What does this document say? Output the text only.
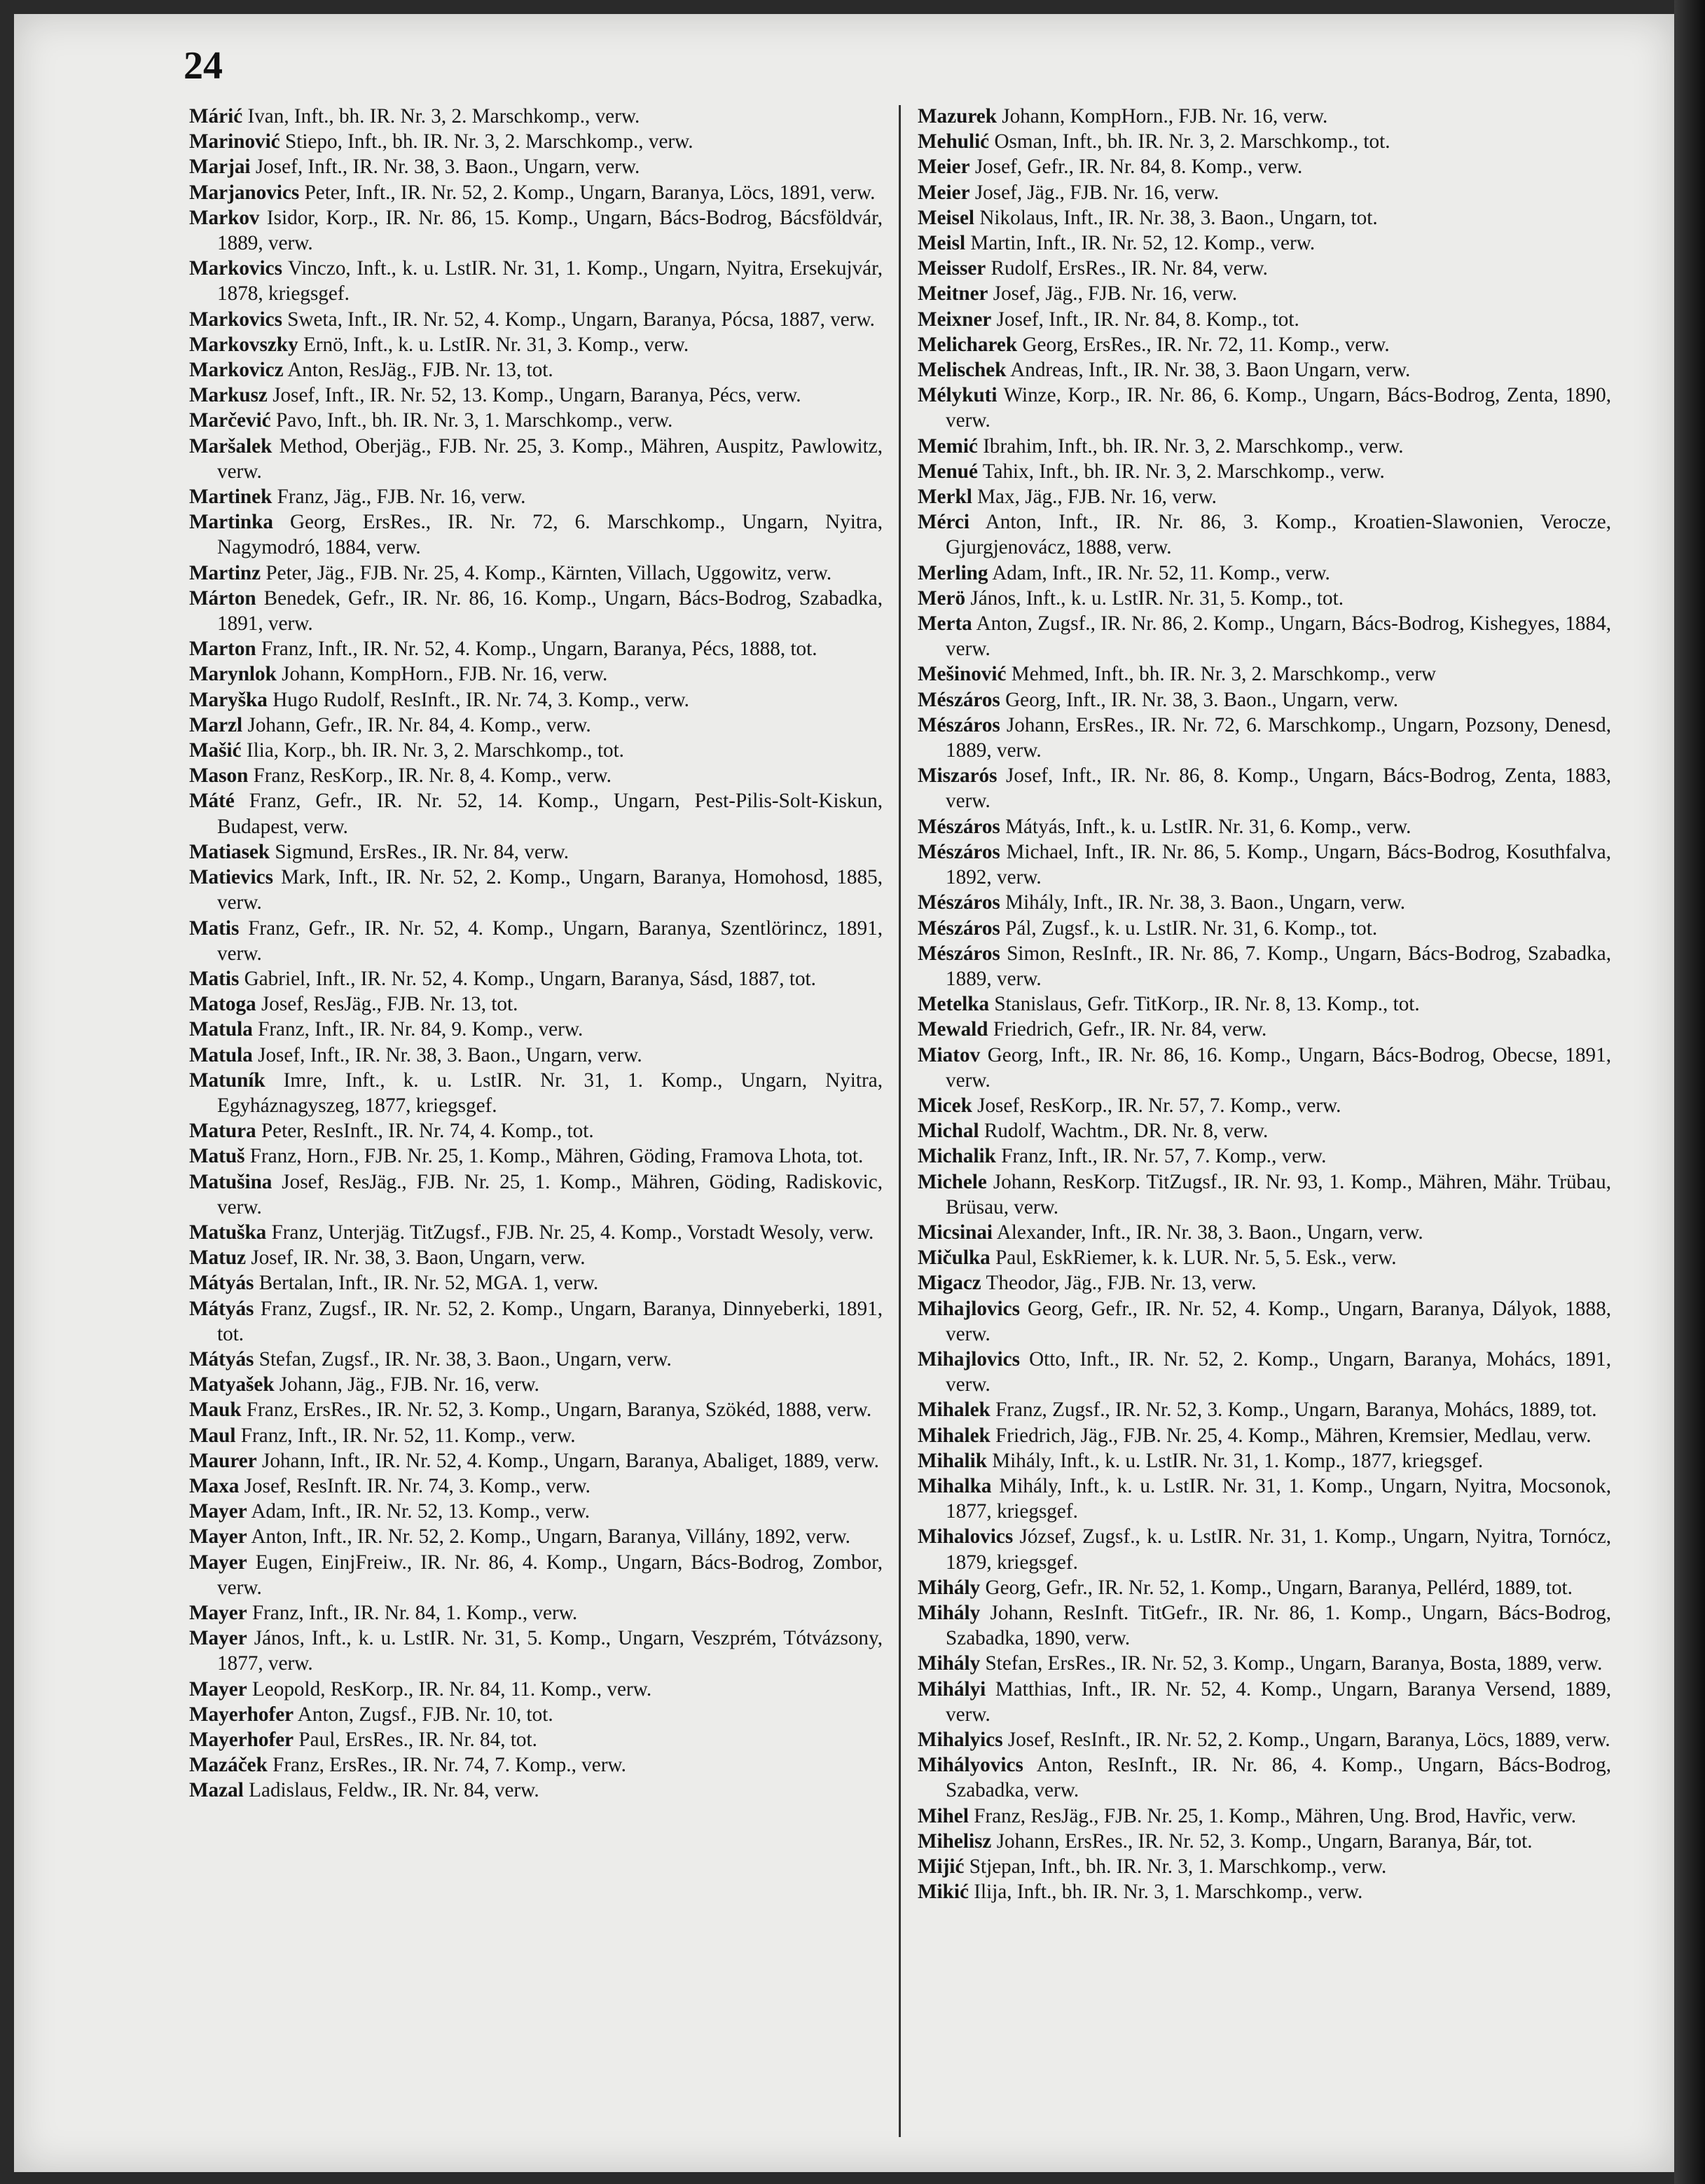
24
Márić Ivan, Inft., bh. IR. Nr. 3, 2. Marschkomp., verw.
Marinović Stiepo, Inft., bh. IR. Nr. 3, 2. Marschkomp., verw.
Marjai Josef, Inft., IR. Nr. 38, 3. Baon., Ungarn, verw.
Marjanovics Peter, Inft., IR. Nr. 52, 2. Komp., Ungarn, Baranya, Löcs, 1891, verw.
Markov Isidor, Korp., IR. Nr. 86, 15. Komp., Ungarn, Bács-Bodrog, Bácsföldvár, 1889, verw.
Markovics Vinczo, Inft., k. u. LstIR. Nr. 31, 1. Komp., Ungarn, Nyitra, Ersekujvár, 1878, kriegsgef.
Markovics Sweta, Inft., IR. Nr. 52, 4. Komp., Ungarn, Baranya, Pócsa, 1887, verw.
Markovszky Ernö, Inft., k. u. LstIR. Nr. 31, 3. Komp., verw.
Markovicz Anton, ResJäg., FJB. Nr. 13, tot.
Markusz Josef, Inft., IR. Nr. 52, 13. Komp., Ungarn, Baranya, Pécs, verw.
Marčević Pavo, Inft., bh. IR. Nr. 3, 1. Marschkomp., verw.
Maršalek Method, Oberjäg., FJB. Nr. 25, 3. Komp., Mähren, Auspitz, Pawlowitz, verw.
Martinek Franz, Jäg., FJB. Nr. 16, verw.
Martinka Georg, ErsRes., IR. Nr. 72, 6. Marschkomp., Ungarn, Nyitra, Nagymodró, 1884, verw.
Martinz Peter, Jäg., FJB. Nr. 25, 4. Komp., Kärnten, Villach, Uggowitz, verw.
Márton Benedek, Gefr., IR. Nr. 86, 16. Komp., Ungarn, Bács-Bodrog, Szabadka, 1891, verw.
Marton Franz, Inft., IR. Nr. 52, 4. Komp., Ungarn, Baranya, Pécs, 1888, tot.
Marynlok Johann, KompHorn., FJB. Nr. 16, verw.
Maryška Hugo Rudolf, ResInft., IR. Nr. 74, 3. Komp., verw.
Marzl Johann, Gefr., IR. Nr. 84, 4. Komp., verw.
Mašić Ilia, Korp., bh. IR. Nr. 3, 2. Marschkomp., tot.
Mason Franz, ResKorp., IR. Nr. 8, 4. Komp., verw.
Máté Franz, Gefr., IR. Nr. 52, 14. Komp., Ungarn, Pest-Pilis-Solt-Kiskun, Budapest, verw.
Matiasek Sigmund, ErsRes., IR. Nr. 84, verw.
Matievics Mark, Inft., IR. Nr. 52, 2. Komp., Ungarn, Baranya, Homohosd, 1885, verw.
Matis Franz, Gefr., IR. Nr. 52, 4. Komp., Ungarn, Baranya, Szentlörincz, 1891, verw.
Matis Gabriel, Inft., IR. Nr. 52, 4. Komp., Ungarn, Baranya, Sásd, 1887, tot.
Matoga Josef, ResJäg., FJB. Nr. 13, tot.
Matula Franz, Inft., IR. Nr. 84, 9. Komp., verw.
Matula Josef, Inft., IR. Nr. 38, 3. Baon., Ungarn, verw.
Matuník Imre, Inft., k. u. LstIR. Nr. 31, 1. Komp., Ungarn, Nyitra, Egyháznagyszeg, 1877, kriegsgef.
Matura Peter, ResInft., IR. Nr. 74, 4. Komp., tot.
Matuš Franz, Horn., FJB. Nr. 25, 1. Komp., Mähren, Göding, Framova Lhota, tot.
Matušina Josef, ResJäg., FJB. Nr. 25, 1. Komp., Mähren, Göding, Radiskovic, verw.
Matuška Franz, Unterjäg. TitZugsf., FJB. Nr. 25, 4. Komp., Vorstadt Wesoly, verw.
Matuz Josef, IR. Nr. 38, 3. Baon, Ungarn, verw.
Mátyás Bertalan, Inft., IR. Nr. 52, MGA. 1, verw.
Mátyás Franz, Zugsf., IR. Nr. 52, 2. Komp., Ungarn, Baranya, Dinnyeberki, 1891, tot.
Mátyás Stefan, Zugsf., IR. Nr. 38, 3. Baon., Ungarn, verw.
Matyašek Johann, Jäg., FJB. Nr. 16, verw.
Mauk Franz, ErsRes., IR. Nr. 52, 3. Komp., Ungarn, Baranya, Szökéd, 1888, verw.
Maul Franz, Inft., IR. Nr. 52, 11. Komp., verw.
Maurer Johann, Inft., IR. Nr. 52, 4. Komp., Ungarn, Baranya, Abaliget, 1889, verw.
Maxa Josef, ResInft. IR. Nr. 74, 3. Komp., verw.
Mayer Adam, Inft., IR. Nr. 52, 13. Komp., verw.
Mayer Anton, Inft., IR. Nr. 52, 2. Komp., Ungarn, Baranya, Villány, 1892, verw.
Mayer Eugen, EinjFreiw., IR. Nr. 86, 4. Komp., Ungarn, Bács-Bodrog, Zombor, verw.
Mayer Franz, Inft., IR. Nr. 84, 1. Komp., verw.
Mayer János, Inft., k. u. LstIR. Nr. 31, 5. Komp., Ungarn, Veszprém, Tótvázsony, 1877, verw.
Mayer Leopold, ResKorp., IR. Nr. 84, 11. Komp., verw.
Mayerhofer Anton, Zugsf., FJB. Nr. 10, tot.
Mayerhofer Paul, ErsRes., IR. Nr. 84, tot.
Mazáček Franz, ErsRes., IR. Nr. 74, 7. Komp., verw.
Mazal Ladislaus, Feldw., IR. Nr. 84, verw.
Mazurek Johann, KompHorn., FJB. Nr. 16, verw.
Mehulić Osman, Inft., bh. IR. Nr. 3, 2. Marschkomp., tot.
Meier Josef, Gefr., IR. Nr. 84, 8. Komp., verw.
Meier Josef, Jäg., FJB. Nr. 16, verw.
Meisel Nikolaus, Inft., IR. Nr. 38, 3. Baon., Ungarn, tot.
Meisl Martin, Inft., IR. Nr. 52, 12. Komp., verw.
Meisser Rudolf, ErsRes., IR. Nr. 84, verw.
Meitner Josef, Jäg., FJB. Nr. 16, verw.
Meixner Josef, Inft., IR. Nr. 84, 8. Komp., tot.
Melicharek Georg, ErsRes., IR. Nr. 72, 11. Komp., verw.
Melischek Andreas, Inft., IR. Nr. 38, 3. Baon Ungarn, verw.
Mélykuti Winze, Korp., IR. Nr. 86, 6. Komp., Ungarn, Bács-Bodrog, Zenta, 1890, verw.
Memić Ibrahim, Inft., bh. IR. Nr. 3, 2. Marschkomp., verw.
Menué Tahix, Inft., bh. IR. Nr. 3, 2. Marschkomp., verw.
Merkl Max, Jäg., FJB. Nr. 16, verw.
Mérci Anton, Inft., IR. Nr. 86, 3. Komp., Kroatien-Slawonien, Verocze, Gjurgjenovácz, 1888, verw.
Merling Adam, Inft., IR. Nr. 52, 11. Komp., verw.
Merö János, Inft., k. u. LstIR. Nr. 31, 5. Komp., tot.
Merta Anton, Zugsf., IR. Nr. 86, 2. Komp., Ungarn, Bács-Bodrog, Kishegyes, 1884, verw.
Mešinović Mehmed, Inft., bh. IR. Nr. 3, 2. Marschkomp., verw
Mészáros Georg, Inft., IR. Nr. 38, 3. Baon., Ungarn, verw.
Mészáros Johann, ErsRes., IR. Nr. 72, 6. Marschkomp., Ungarn, Pozsony, Denesd, 1889, verw.
Miszarós Josef, Inft., IR. Nr. 86, 8. Komp., Ungarn, Bács-Bodrog, Zenta, 1883, verw.
Mészáros Mátyás, Inft., k. u. LstIR. Nr. 31, 6. Komp., verw.
Mészáros Michael, Inft., IR. Nr. 86, 5. Komp., Ungarn, Bács-Bodrog, Kosuthfalva, 1892, verw.
Mészáros Mihály, Inft., IR. Nr. 38, 3. Baon., Ungarn, verw.
Mészáros Pál, Zugsf., k. u. LstIR. Nr. 31, 6. Komp., tot.
Mészáros Simon, ResInft., IR. Nr. 86, 7. Komp., Ungarn, Bács-Bodrog, Szabadka, 1889, verw.
Metelka Stanislaus, Gefr. TitKorp., IR. Nr. 8, 13. Komp., tot.
Mewald Friedrich, Gefr., IR. Nr. 84, verw.
Miatov Georg, Inft., IR. Nr. 86, 16. Komp., Ungarn, Bács-Bodrog, Obecse, 1891, verw.
Micek Josef, ResKorp., IR. Nr. 57, 7. Komp., verw.
Michal Rudolf, Wachtm., DR. Nr. 8, verw.
Michalik Franz, Inft., IR. Nr. 57, 7. Komp., verw.
Michele Johann, ResKorp. TitZugsf., IR. Nr. 93, 1. Komp., Mähren, Mähr. Trübau, Brüsau, verw.
Micsinai Alexander, Inft., IR. Nr. 38, 3. Baon., Ungarn, verw.
Mičulka Paul, EskRiemer, k. k. LUR. Nr. 5, 5. Esk., verw.
Migacz Theodor, Jäg., FJB. Nr. 13, verw.
Mihajlovics Georg, Gefr., IR. Nr. 52, 4. Komp., Ungarn, Baranya, Dályok, 1888, verw.
Mihajlovics Otto, Inft., IR. Nr. 52, 2. Komp., Ungarn, Baranya, Mohács, 1891, verw.
Mihalek Franz, Zugsf., IR. Nr. 52, 3. Komp., Ungarn, Baranya, Mohács, 1889, tot.
Mihalek Friedrich, Jäg., FJB. Nr. 25, 4. Komp., Mähren, Kremsier, Medlau, verw.
Mihalik Mihály, Inft., k. u. LstIR. Nr. 31, 1. Komp., 1877, kriegsgef.
Mihalka Mihály, Inft., k. u. LstIR. Nr. 31, 1. Komp., Ungarn, Nyitra, Mocsonok, 1877, kriegsgef.
Mihalovics József, Zugsf., k. u. LstIR. Nr. 31, 1. Komp., Ungarn, Nyitra, Tornócz, 1879, kriegsgef.
Mihály Georg, Gefr., IR. Nr. 52, 1. Komp., Ungarn, Baranya, Pellérd, 1889, tot.
Mihály Johann, ResInft. TitGefr., IR. Nr. 86, 1. Komp., Ungarn, Bács-Bodrog, Szabadka, 1890, verw.
Mihály Stefan, ErsRes., IR. Nr. 52, 3. Komp., Ungarn, Baranya, Bosta, 1889, verw.
Mihályi Matthias, Inft., IR. Nr. 52, 4. Komp., Ungarn, Baranya Versend, 1889, verw.
Mihalyics Josef, ResInft., IR. Nr. 52, 2. Komp., Ungarn, Baranya, Löcs, 1889, verw.
Mihályovics Anton, ResInft., IR. Nr. 86, 4. Komp., Ungarn, Bács-Bodrog, Szabadka, verw.
Mihel Franz, ResJäg., FJB. Nr. 25, 1. Komp., Mähren, Ung. Brod, Havřic, verw.
Mihelisz Johann, ErsRes., IR. Nr. 52, 3. Komp., Ungarn, Baranya, Bár, tot.
Mijić Stjepan, Inft., bh. IR. Nr. 3, 1. Marschkomp., verw.
Mikić Ilija, Inft., bh. IR. Nr. 3, 1. Marschkomp., verw.
